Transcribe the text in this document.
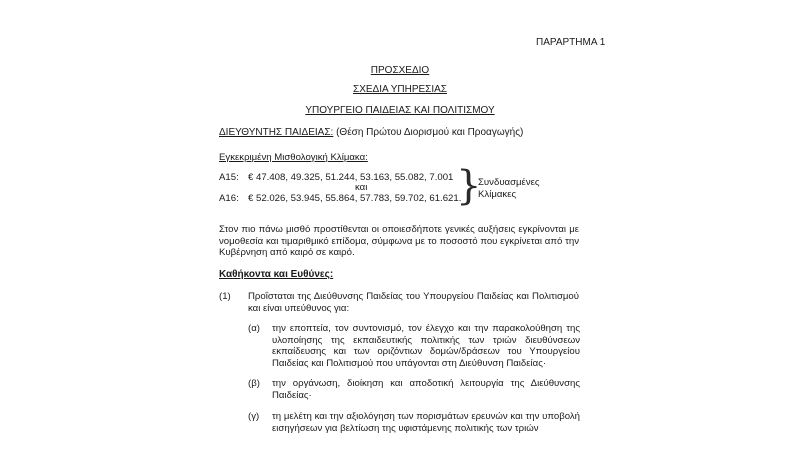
ΠΑΡΑΡΤΗΜΑ 1
ΠΡΟΣΧΕΔΙΟ
ΣΧΕΔΙΑ ΥΠΗΡΕΣΙΑΣ
ΥΠΟΥΡΓΕΙΟ ΠΑΙΔΕΙΑΣ ΚΑΙ ΠΟΛΙΤΙΣΜΟΥ
ΔΙΕΥΘΥΝΤΗΣ ΠΑΙΔΕΙΑΣ: (Θέση Πρώτου Διορισμού και Προαγωγής)
Εγκεκριμένη Μισθολογική Κλίμακα:
Α15: € 47.408, 49.325, 51.244, 53.163, 55.082, 7.001
και
Α16: € 52.026, 53.945, 55.864, 57.783, 59.702, 61.621.
}
Συνδυασμένες
Κλίμακες
Στον πιο πάνω μισθό προστίθενται οι οποιεσδήποτε γενικές αυξήσεις εγκρίνονται με νομοθεσία και τιμαριθμικό επίδομα, σύμφωνα με το ποσοστό που εγκρίνεται από την Κυβέρνηση από καιρό σε καιρό.
Καθήκοντα και Ευθύνες:
(1) Προΐσταται της Διεύθυνσης Παιδείας του Υπουργείου Παιδείας και Πολιτισμού και είναι υπεύθυνος για:
(α) την εποπτεία, τον συντονισμό, τον έλεγχο και την παρακολούθηση της υλοποίησης της εκπαιδευτικής πολιτικής των τριών διευθύνσεων εκπαίδευσης και των οριζόντιων δομών/δράσεων του Υπουργείου Παιδείας και Πολιτισμού που υπάγονται στη Διεύθυνση Παιδείας·
(β) την οργάνωση, διοίκηση και αποδοτική λειτουργία της Διεύθυνσης Παιδείας·
(γ) τη μελέτη και την αξιολόγηση των πορισμάτων ερευνών και την υποβολή εισηγήσεων για βελτίωση της υφιστάμενης πολιτικής των τριών
